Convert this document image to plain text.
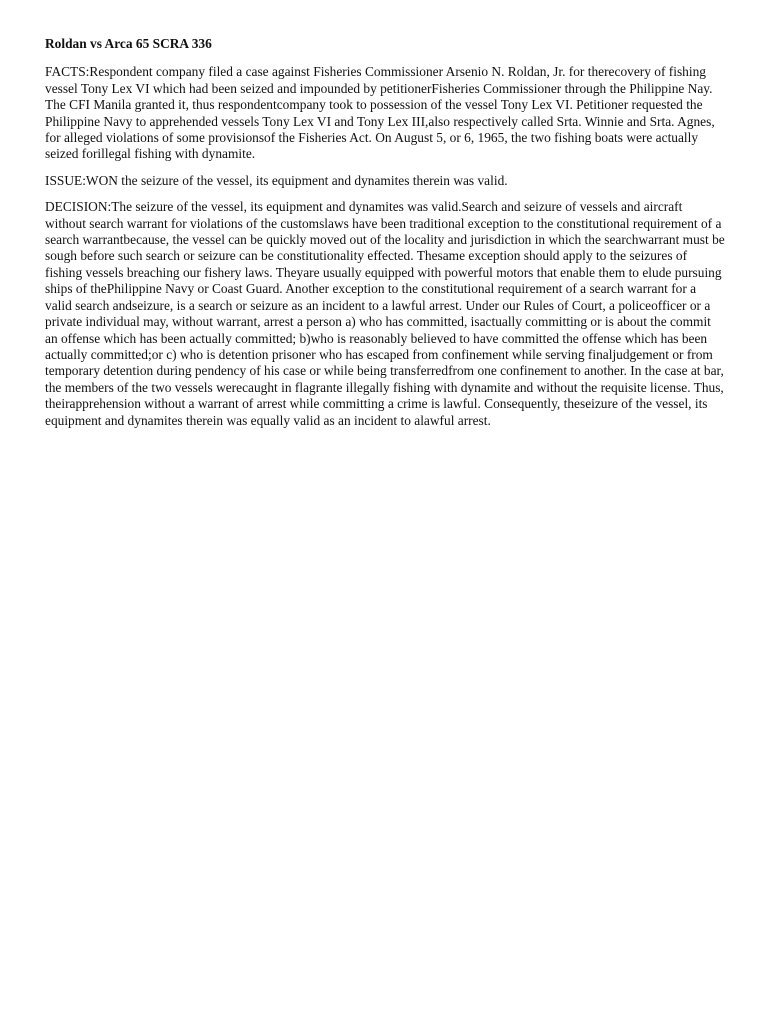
Roldan vs Arca 65 SCRA 336

FACTS:Respondent company filed a case against Fisheries Commissioner Arsenio N. Roldan, Jr. for therecovery of fishing vessel Tony Lex VI which had been seized and impounded by petitionerFisheries Commissioner through the Philippine Nay. The CFI Manila granted it, thus respondentcompany took to possession of the vessel Tony Lex VI. Petitioner requested the Philippine Navy to apprehended vessels Tony Lex VI and Tony Lex III,also respectively called Srta. Winnie and Srta. Agnes, for alleged violations of some provisionsof the Fisheries Act. On August 5, or 6, 1965, the two fishing boats were actually seized forillegal fishing with dynamite.

ISSUE:WON the seizure of the vessel, its equipment and dynamites therein was valid.

DECISION:The seizure of the vessel, its equipment and dynamites was valid.Search and seizure of vessels and aircraft without search warrant for violations of the customslaws have been traditional exception to the constitutional requirement of a search warrantbecause, the vessel can be quickly moved out of the locality and jurisdiction in which the searchwarrant must be sough before such search or seizure can be constitutionality effected. Thesame exception should apply to the seizures of fishing vessels breaching our fishery laws. Theyare usually equipped with powerful motors that enable them to elude pursuing ships of thePhilippine Navy or Coast Guard. Another exception to the constitutional requirement of a search warrant for a valid search andseizure, is a search or seizure as an incident to a lawful arrest. Under our Rules of Court, a policeofficer or a private individual may, without warrant, arrest a person a) who has committed, isactually committing or is about the commit an offense which has been actually committed; b)who is reasonably believed to have committed the offense which has been actually committed;or c) who is detention prisoner who has escaped from confinement while serving finaljudgement or from temporary detention during pendency of his case or while being transferredfrom one confinement to another. In the case at bar, the members of the two vessels werecaught in flagrante illegally fishing with dynamite and without the requisite license. Thus, theirapprehension without a warrant of arrest while committing a crime is lawful. Consequently, theseizure of the vessel, its equipment and dynamites therein was equally valid as an incident to alawful arrest.
